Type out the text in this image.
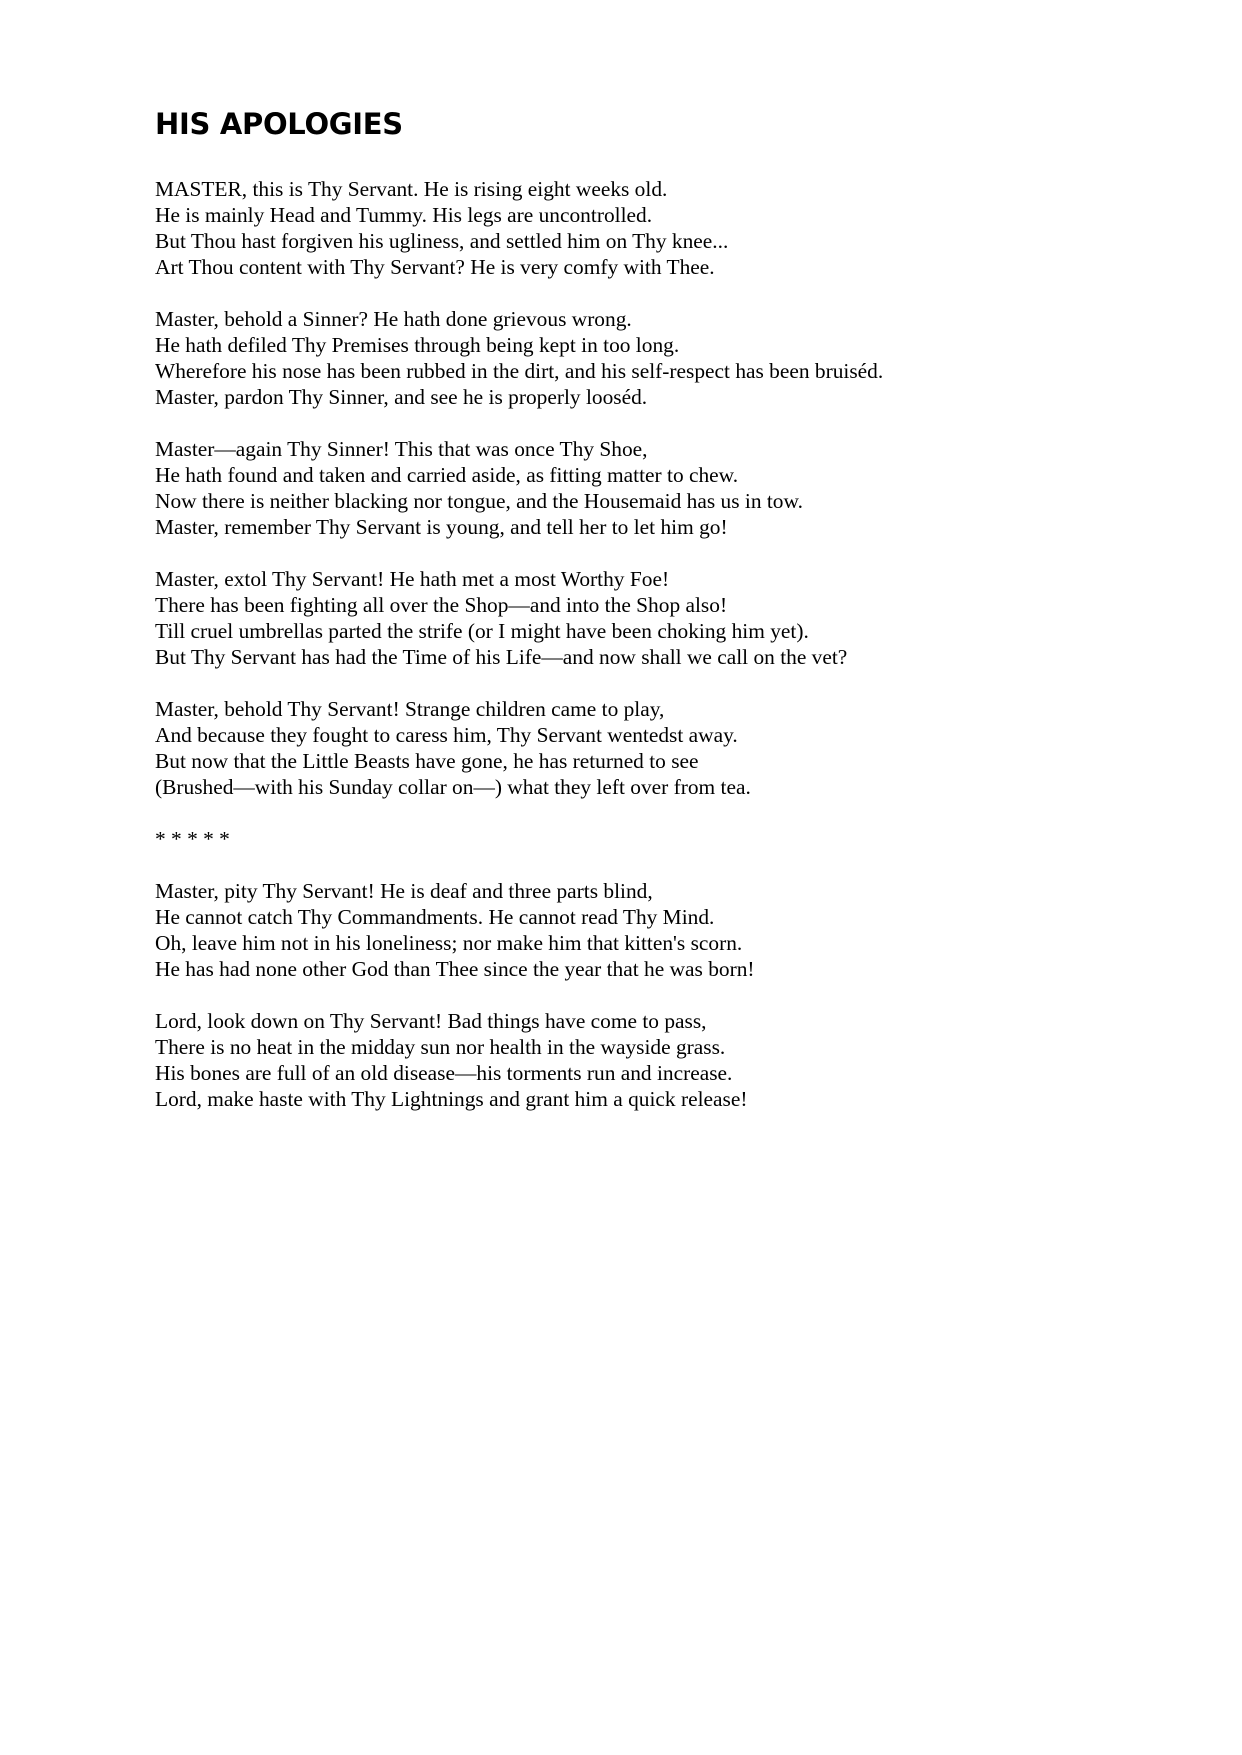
HIS APOLOGIES
MASTER, this is Thy Servant. He is rising eight weeks old.
He is mainly Head and Tummy. His legs are uncontrolled.
But Thou hast forgiven his ugliness, and settled him on Thy knee...
Art Thou content with Thy Servant? He is very comfy with Thee.
Master, behold a Sinner? He hath done grievous wrong.
He hath defiled Thy Premises through being kept in too long.
Wherefore his nose has been rubbed in the dirt, and his self-respect has been bruiséd.
Master, pardon Thy Sinner, and see he is properly looséd.
Master—again Thy Sinner! This that was once Thy Shoe,
He hath found and taken and carried aside, as fitting matter to chew.
Now there is neither blacking nor tongue, and the Housemaid has us in tow.
Master, remember Thy Servant is young, and tell her to let him go!
Master, extol Thy Servant! He hath met a most Worthy Foe!
There has been fighting all over the Shop—and into the Shop also!
Till cruel umbrellas parted the strife (or I might have been choking him yet).
But Thy Servant has had the Time of his Life—and now shall we call on the vet?
Master, behold Thy Servant! Strange children came to play,
And because they fought to caress him, Thy Servant wentedst away.
But now that the Little Beasts have gone, he has returned to see
(Brushed—with his Sunday collar on—) what they left over from tea.
* * * * *
Master, pity Thy Servant! He is deaf and three parts blind,
He cannot catch Thy Commandments. He cannot read Thy Mind.
Oh, leave him not in his loneliness; nor make him that kitten's scorn.
He has had none other God than Thee since the year that he was born!
Lord, look down on Thy Servant! Bad things have come to pass,
There is no heat in the midday sun nor health in the wayside grass.
His bones are full of an old disease—his torments run and increase.
Lord, make haste with Thy Lightnings and grant him a quick release!
